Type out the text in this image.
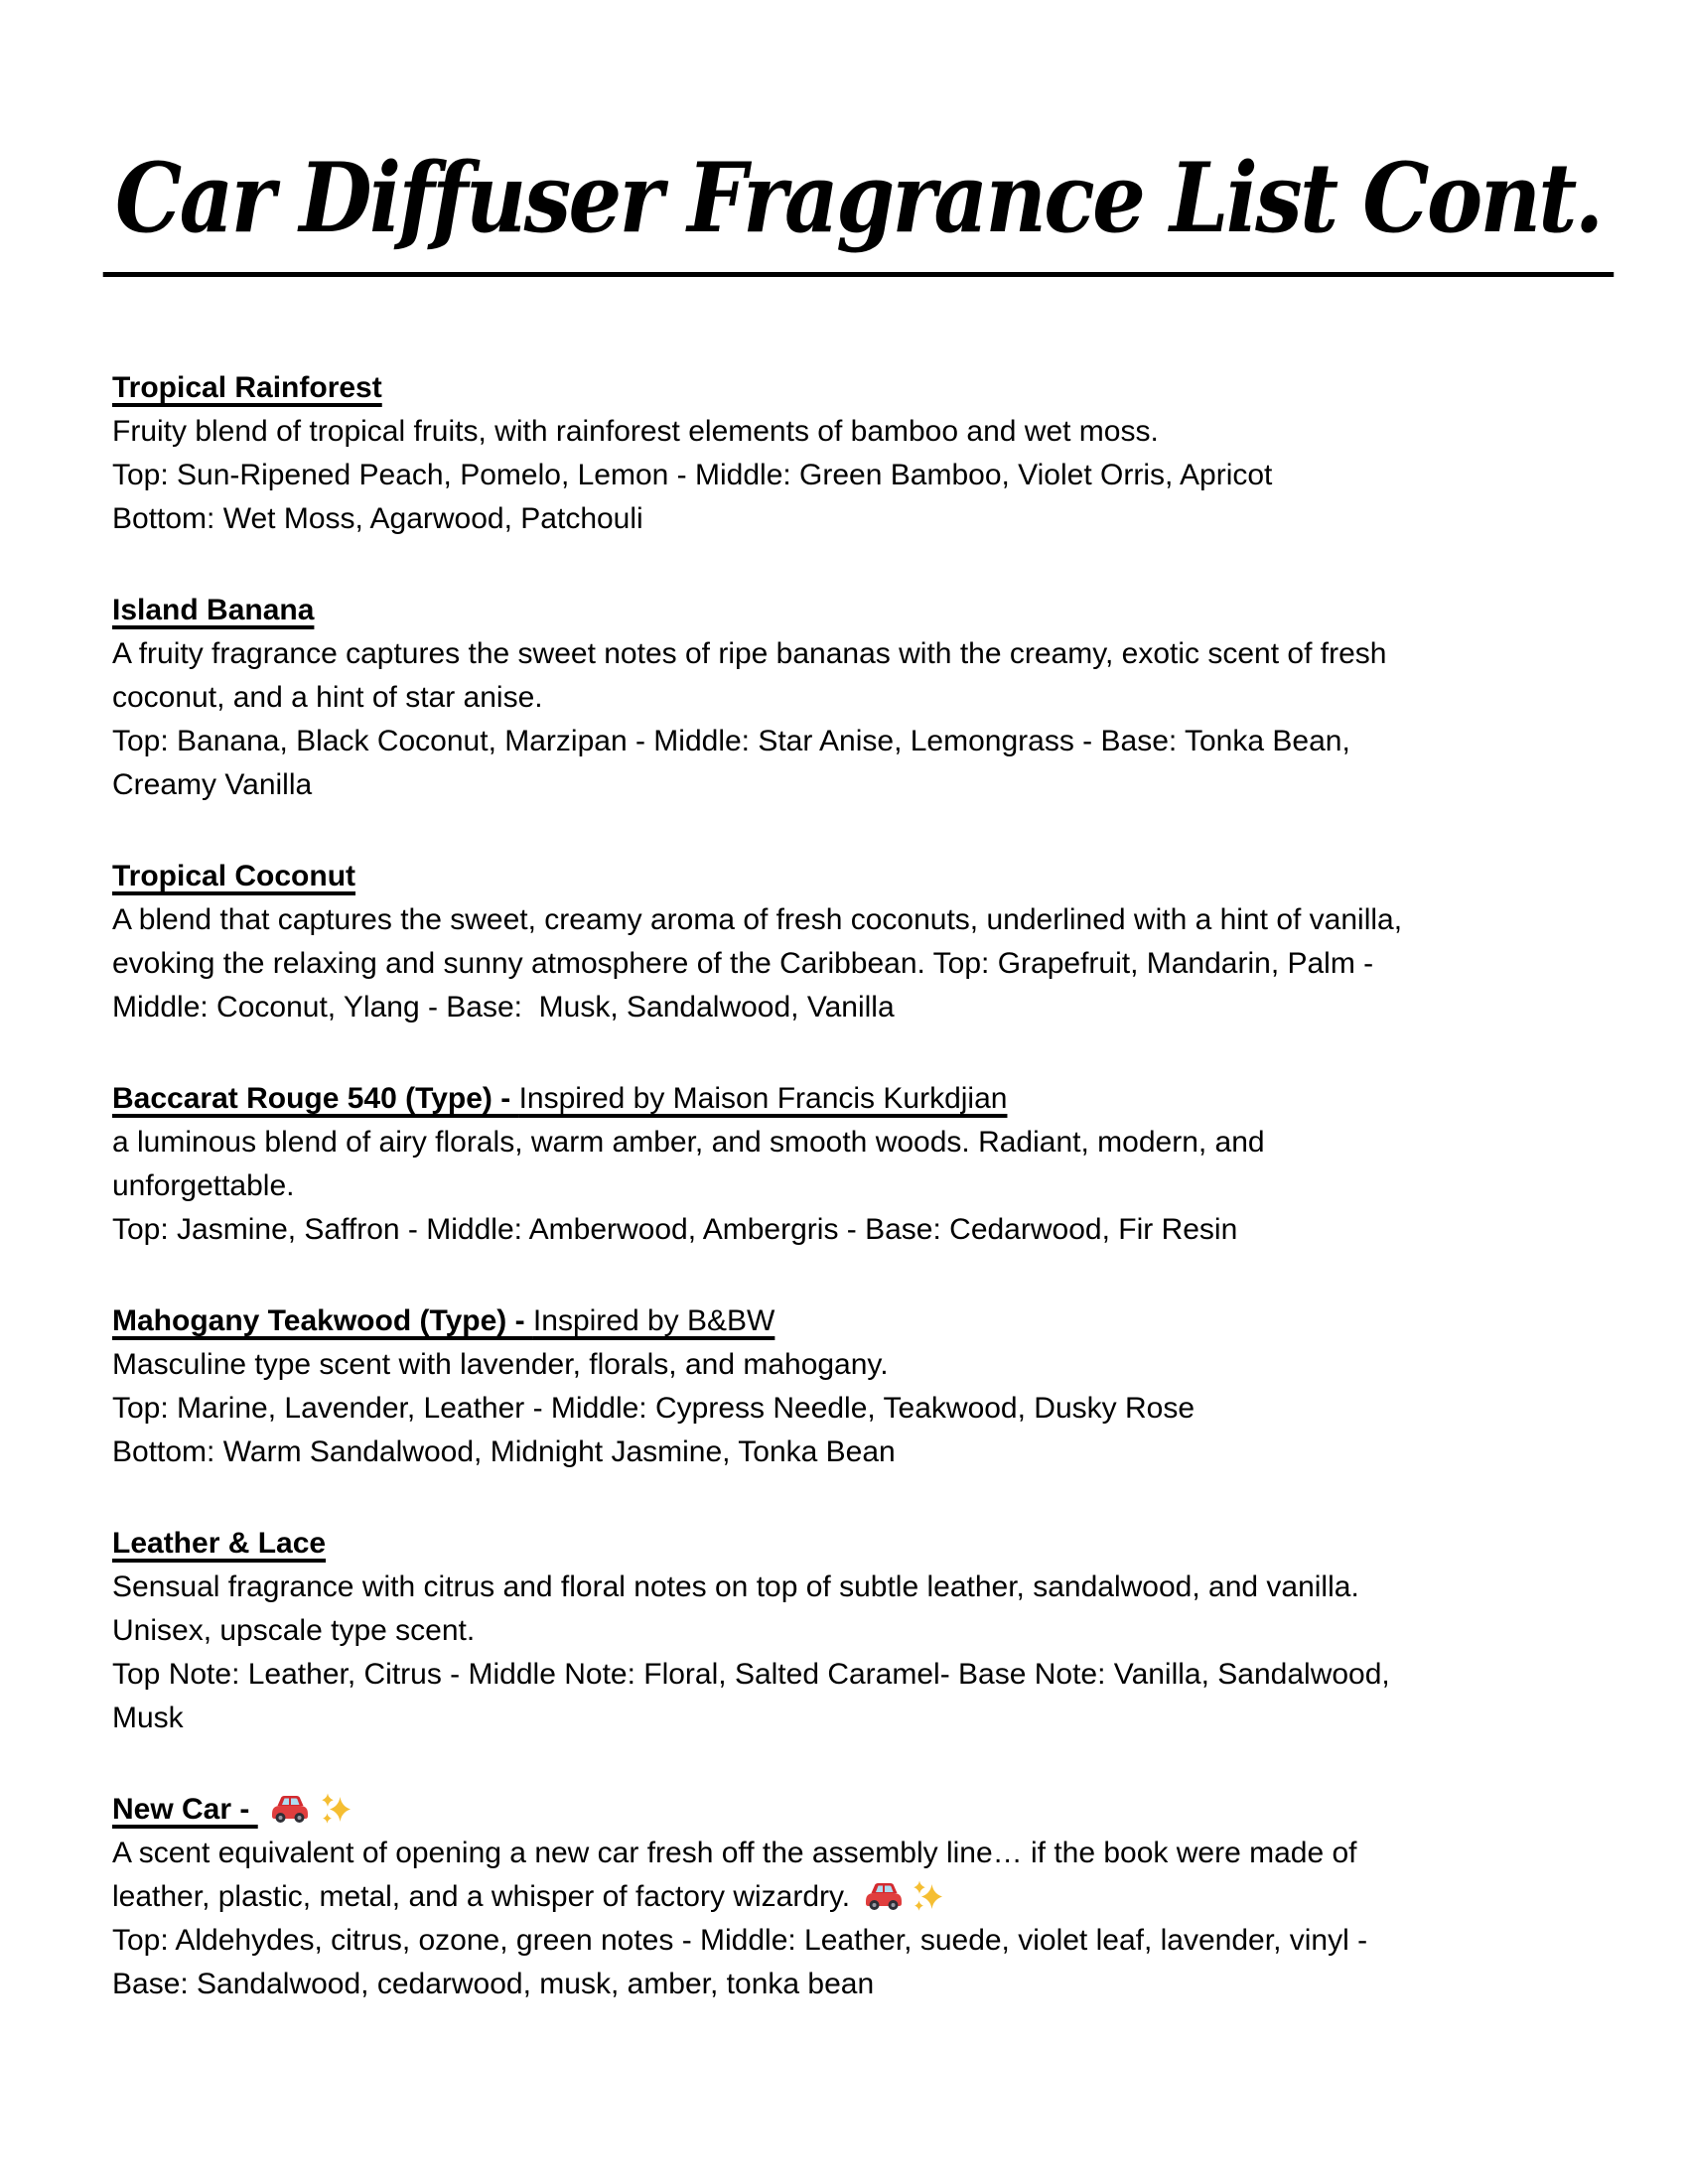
Car Diffuser Fragrance List Cont.
Tropical Rainforest
Fruity blend of tropical fruits, with rainforest elements of bamboo and wet moss.
Top: Sun-Ripened Peach, Pomelo, Lemon - Middle: Green Bamboo, Violet Orris, Apricot
Bottom: Wet Moss, Agarwood, Patchouli
Island Banana
A fruity fragrance captures the sweet notes of ripe bananas with the creamy, exotic scent of fresh
coconut, and a hint of star anise.
Top: Banana, Black Coconut, Marzipan - Middle: Star Anise, Lemongrass - Base: Tonka Bean,
Creamy Vanilla
Tropical Coconut
A blend that captures the sweet, creamy aroma of fresh coconuts, underlined with a hint of vanilla,
evoking the relaxing and sunny atmosphere of the Caribbean. Top: Grapefruit, Mandarin, Palm -
Middle: Coconut, Ylang - Base:  Musk, Sandalwood, Vanilla
Baccarat Rouge 540 (Type) - Inspired by Maison Francis Kurkdjian
a luminous blend of airy florals, warm amber, and smooth woods. Radiant, modern, and
unforgettable.
Top: Jasmine, Saffron - Middle: Amberwood, Ambergris - Base: Cedarwood, Fir Resin
Mahogany Teakwood (Type) - Inspired by B&BW
Masculine type scent with lavender, florals, and mahogany.
Top: Marine, Lavender, Leather - Middle: Cypress Needle, Teakwood, Dusky Rose
Bottom: Warm Sandalwood, Midnight Jasmine, Tonka Bean
Leather & Lace
Sensual fragrance with citrus and floral notes on top of subtle leather, sandalwood, and vanilla.
Unisex, upscale type scent.
Top Note: Leather, Citrus - Middle Note: Floral, Salted Caramel- Base Note: Vanilla, Sandalwood,
Musk
New Car -
A scent equivalent of opening a new car fresh off the assembly line… if the book were made of
leather, plastic, metal, and a whisper of factory wizardry.
Top: Aldehydes, citrus, ozone, green notes - Middle: Leather, suede, violet leaf, lavender, vinyl -
Base: Sandalwood, cedarwood, musk, amber, tonka bean
